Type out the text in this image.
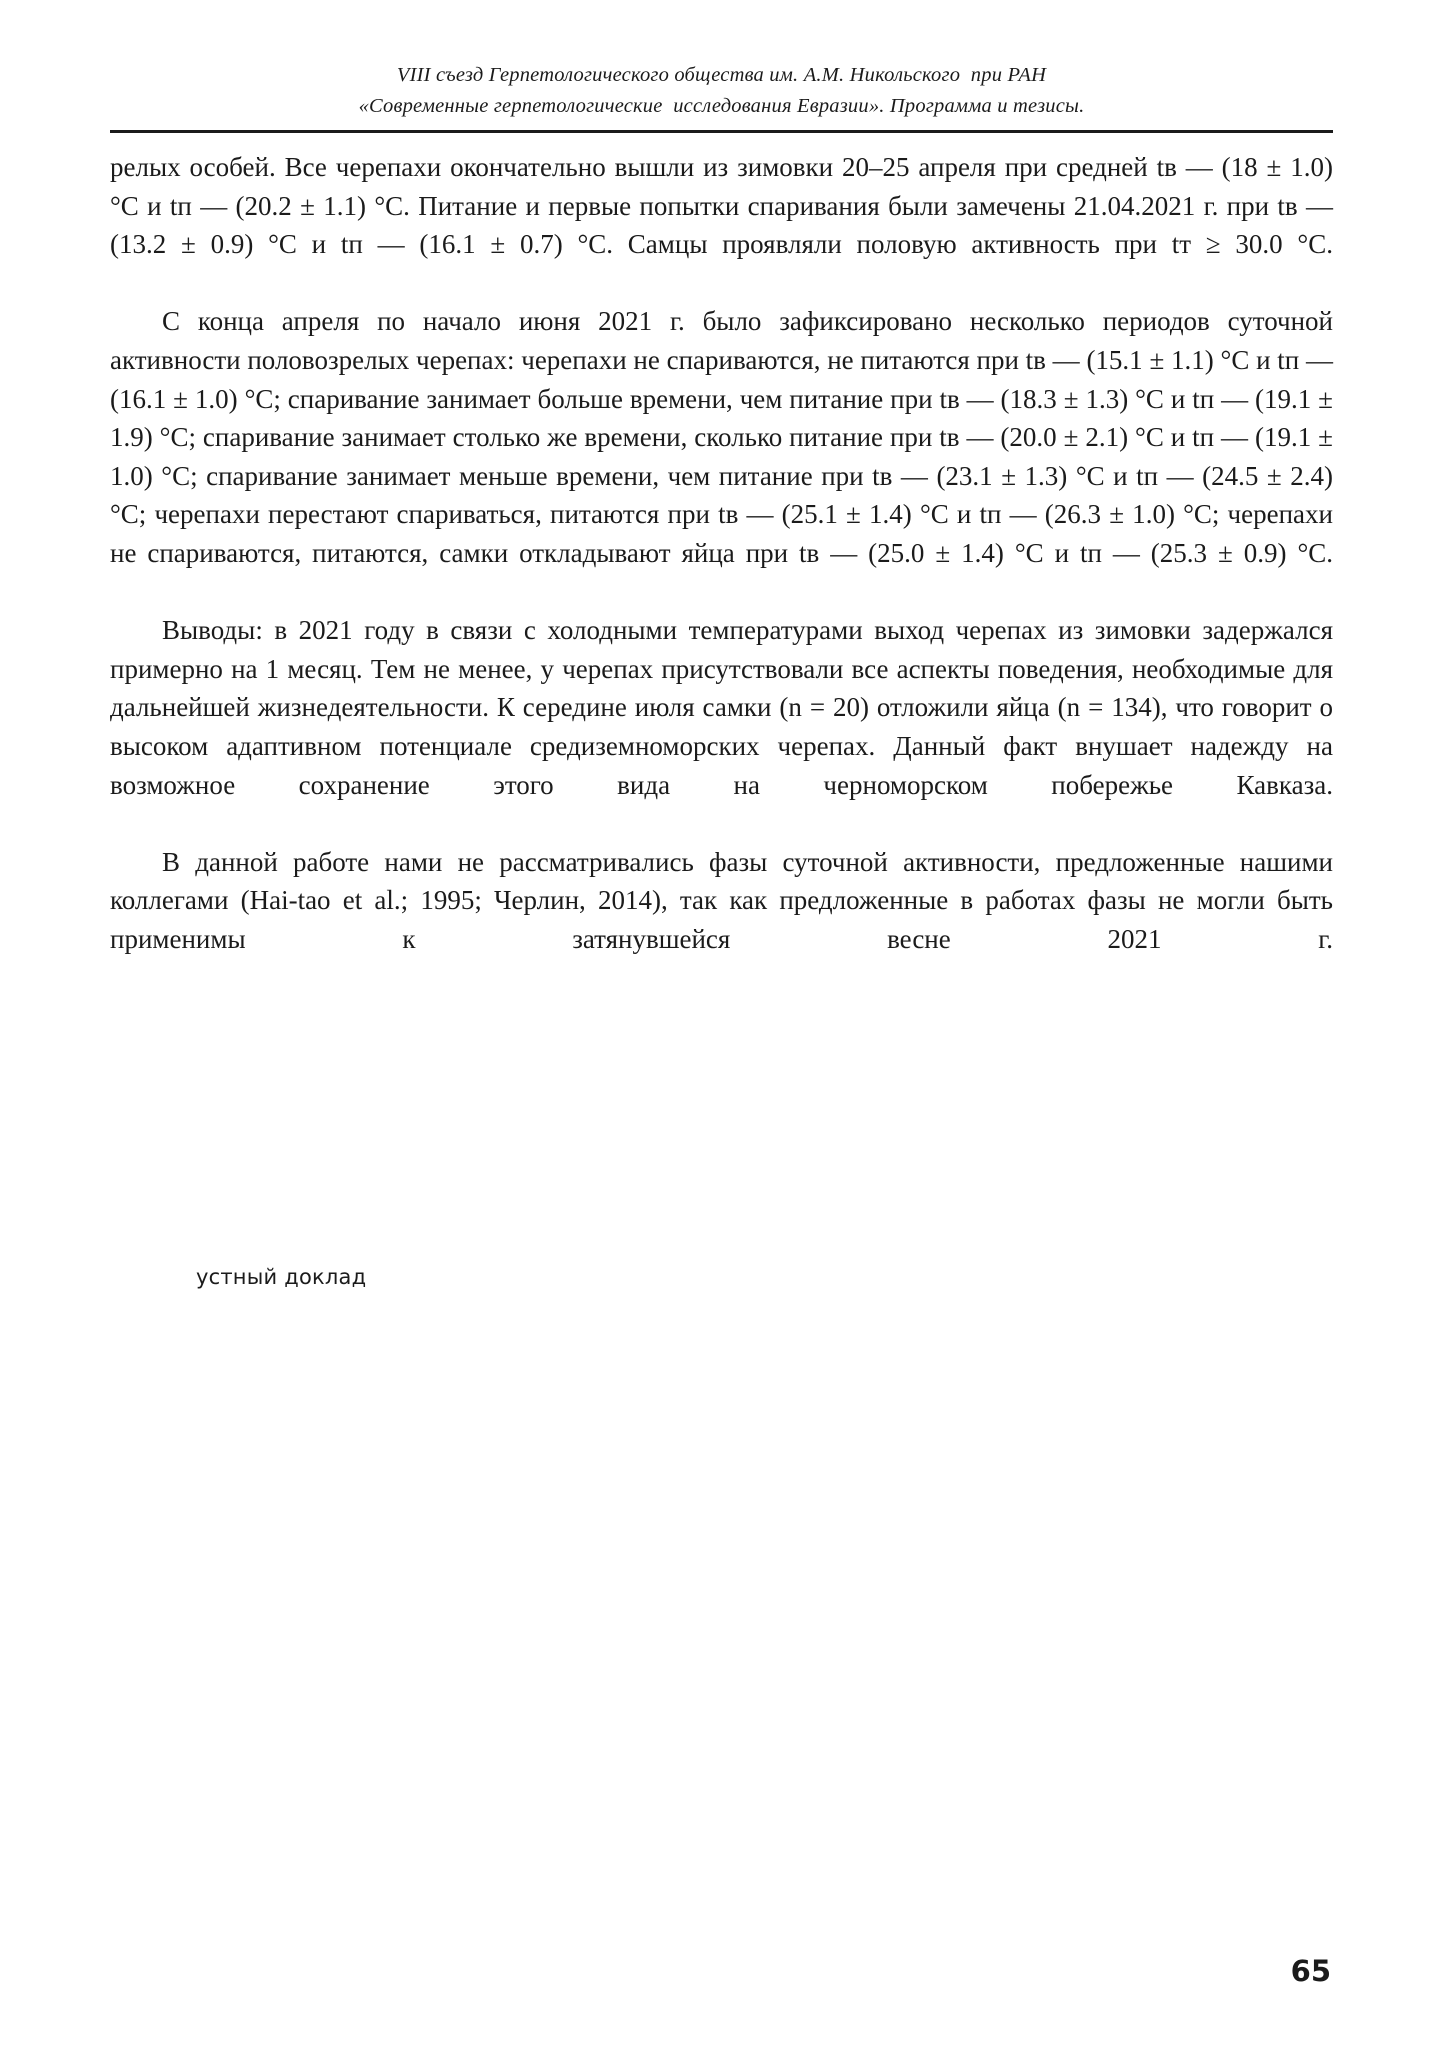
VIII съезд Герпетологического общества им. А.М. Никольского  при РАН
«Современные герпетологические  исследования Евразии». Программа и тезисы.

релых особей. Все черепахи окончательно вышли из зимовки 20–25 апреля при средней tв — (18 ± 1.0) °С и tп — (20.2 ± 1.1) °С. Питание и первые попытки спаривания были замечены 21.04.2021 г. при tв — (13.2 ± 0.9) °С и tп — (16.1 ± 0.7) °С. Самцы проявляли половую активность при tт ≥ 30.0 °С.

С конца апреля по начало июня 2021 г. было зафиксировано несколько периодов суточной активности половозрелых черепах: черепахи не спариваются, не питаются при tв — (15.1 ± 1.1) °С и tп — (16.1 ± 1.0) °С; спаривание занимает больше времени, чем питание при tв — (18.3 ± 1.3) °С и tп — (19.1 ± 1.9) °С; спаривание занимает столько же времени, сколько питание при tв — (20.0 ± 2.1) °С и tп — (19.1 ± 1.0) °С; спаривание занимает меньше времени, чем питание при tв — (23.1 ± 1.3) °С и tп — (24.5 ± 2.4) °С; черепахи перестают спариваться, питаются при tв — (25.1 ± 1.4) °С и tп — (26.3 ± 1.0) °С; черепахи не спариваются, питаются, самки откладывают яйца при tв — (25.0 ± 1.4) °С и tп — (25.3 ± 0.9) °С.

Выводы: в 2021 году в связи с холодными температурами выход черепах из зимовки задержался примерно на 1 месяц. Тем не менее, у черепах присутствовали все аспекты поведения, необходимые для дальнейшей жизнедеятельности. К середине июля самки (n = 20) отложили яйца (n = 134), что говорит о высоком адаптивном потенциале средиземноморских черепах. Данный факт внушает надежду на возможное сохранение этого вида на черноморском побережье Кавказа.

В данной работе нами не рассматривались фазы суточной активности, предложенные нашими коллегами (Hai-tao et al.; 1995; Черлин, 2014), так как предложенные в работах фазы не могли быть применимы к затянувшейся весне 2021 г.

устный доклад
65
